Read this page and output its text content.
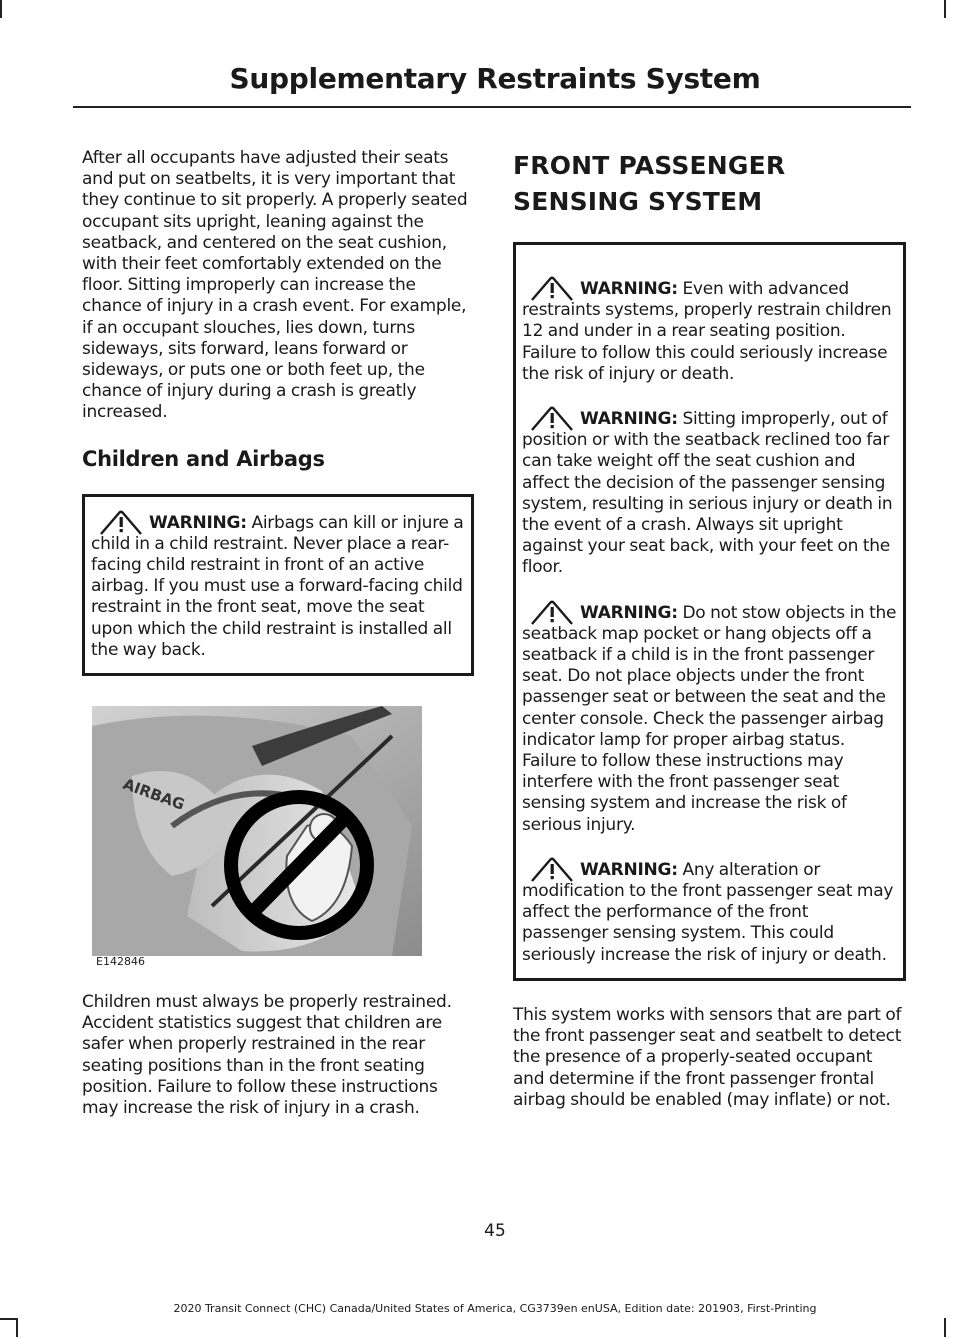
Supplementary Restraints System

After all occupants have adjusted their seats and put on seatbelts, it is very important that they continue to sit properly. A properly seated occupant sits upright, leaning against the seatback, and centered on the seat cushion, with their feet comfortably extended on the floor. Sitting improperly can increase the chance of injury in a crash event. For example, if an occupant slouches, lies down, turns sideways, sits forward, leans forward or sideways, or puts one or both feet up, the chance of injury during a crash is greatly increased.

Children and Airbags

WARNING: Airbags can kill or injure a child in a child restraint. Never place a rear-facing child restraint in front of an active airbag. If you must use a forward-facing child restraint in the front seat, move the seat upon which the child restraint is installed all the way back.

AIRBAG
E142846

Children must always be properly restrained. Accident statistics suggest that children are safer when properly restrained in the rear seating positions than in the front seating position. Failure to follow these instructions may increase the risk of injury in a crash.

FRONT PASSENGER SENSING SYSTEM

WARNING: Even with advanced restraints systems, properly restrain children 12 and under in a rear seating position. Failure to follow this could seriously increase the risk of injury or death.

WARNING: Sitting improperly, out of position or with the seatback reclined too far can take weight off the seat cushion and affect the decision of the passenger sensing system, resulting in serious injury or death in the event of a crash. Always sit upright against your seat back, with your feet on the floor.

WARNING: Do not stow objects in the seatback map pocket or hang objects off a seatback if a child is in the front passenger seat. Do not place objects under the front passenger seat or between the seat and the center console. Check the passenger airbag indicator lamp for proper airbag status. Failure to follow these instructions may interfere with the front passenger seat sensing system and increase the risk of serious injury.

WARNING: Any alteration or modification to the front passenger seat may affect the performance of the front passenger sensing system. This could seriously increase the risk of injury or death.

This system works with sensors that are part of the front passenger seat and seatbelt to detect the presence of a properly-seated occupant and determine if the front passenger frontal airbag should be enabled (may inflate) or not.

45
2020 Transit Connect (CHC) Canada/United States of America, CG3739en enUSA, Edition date: 201903, First-Printing
